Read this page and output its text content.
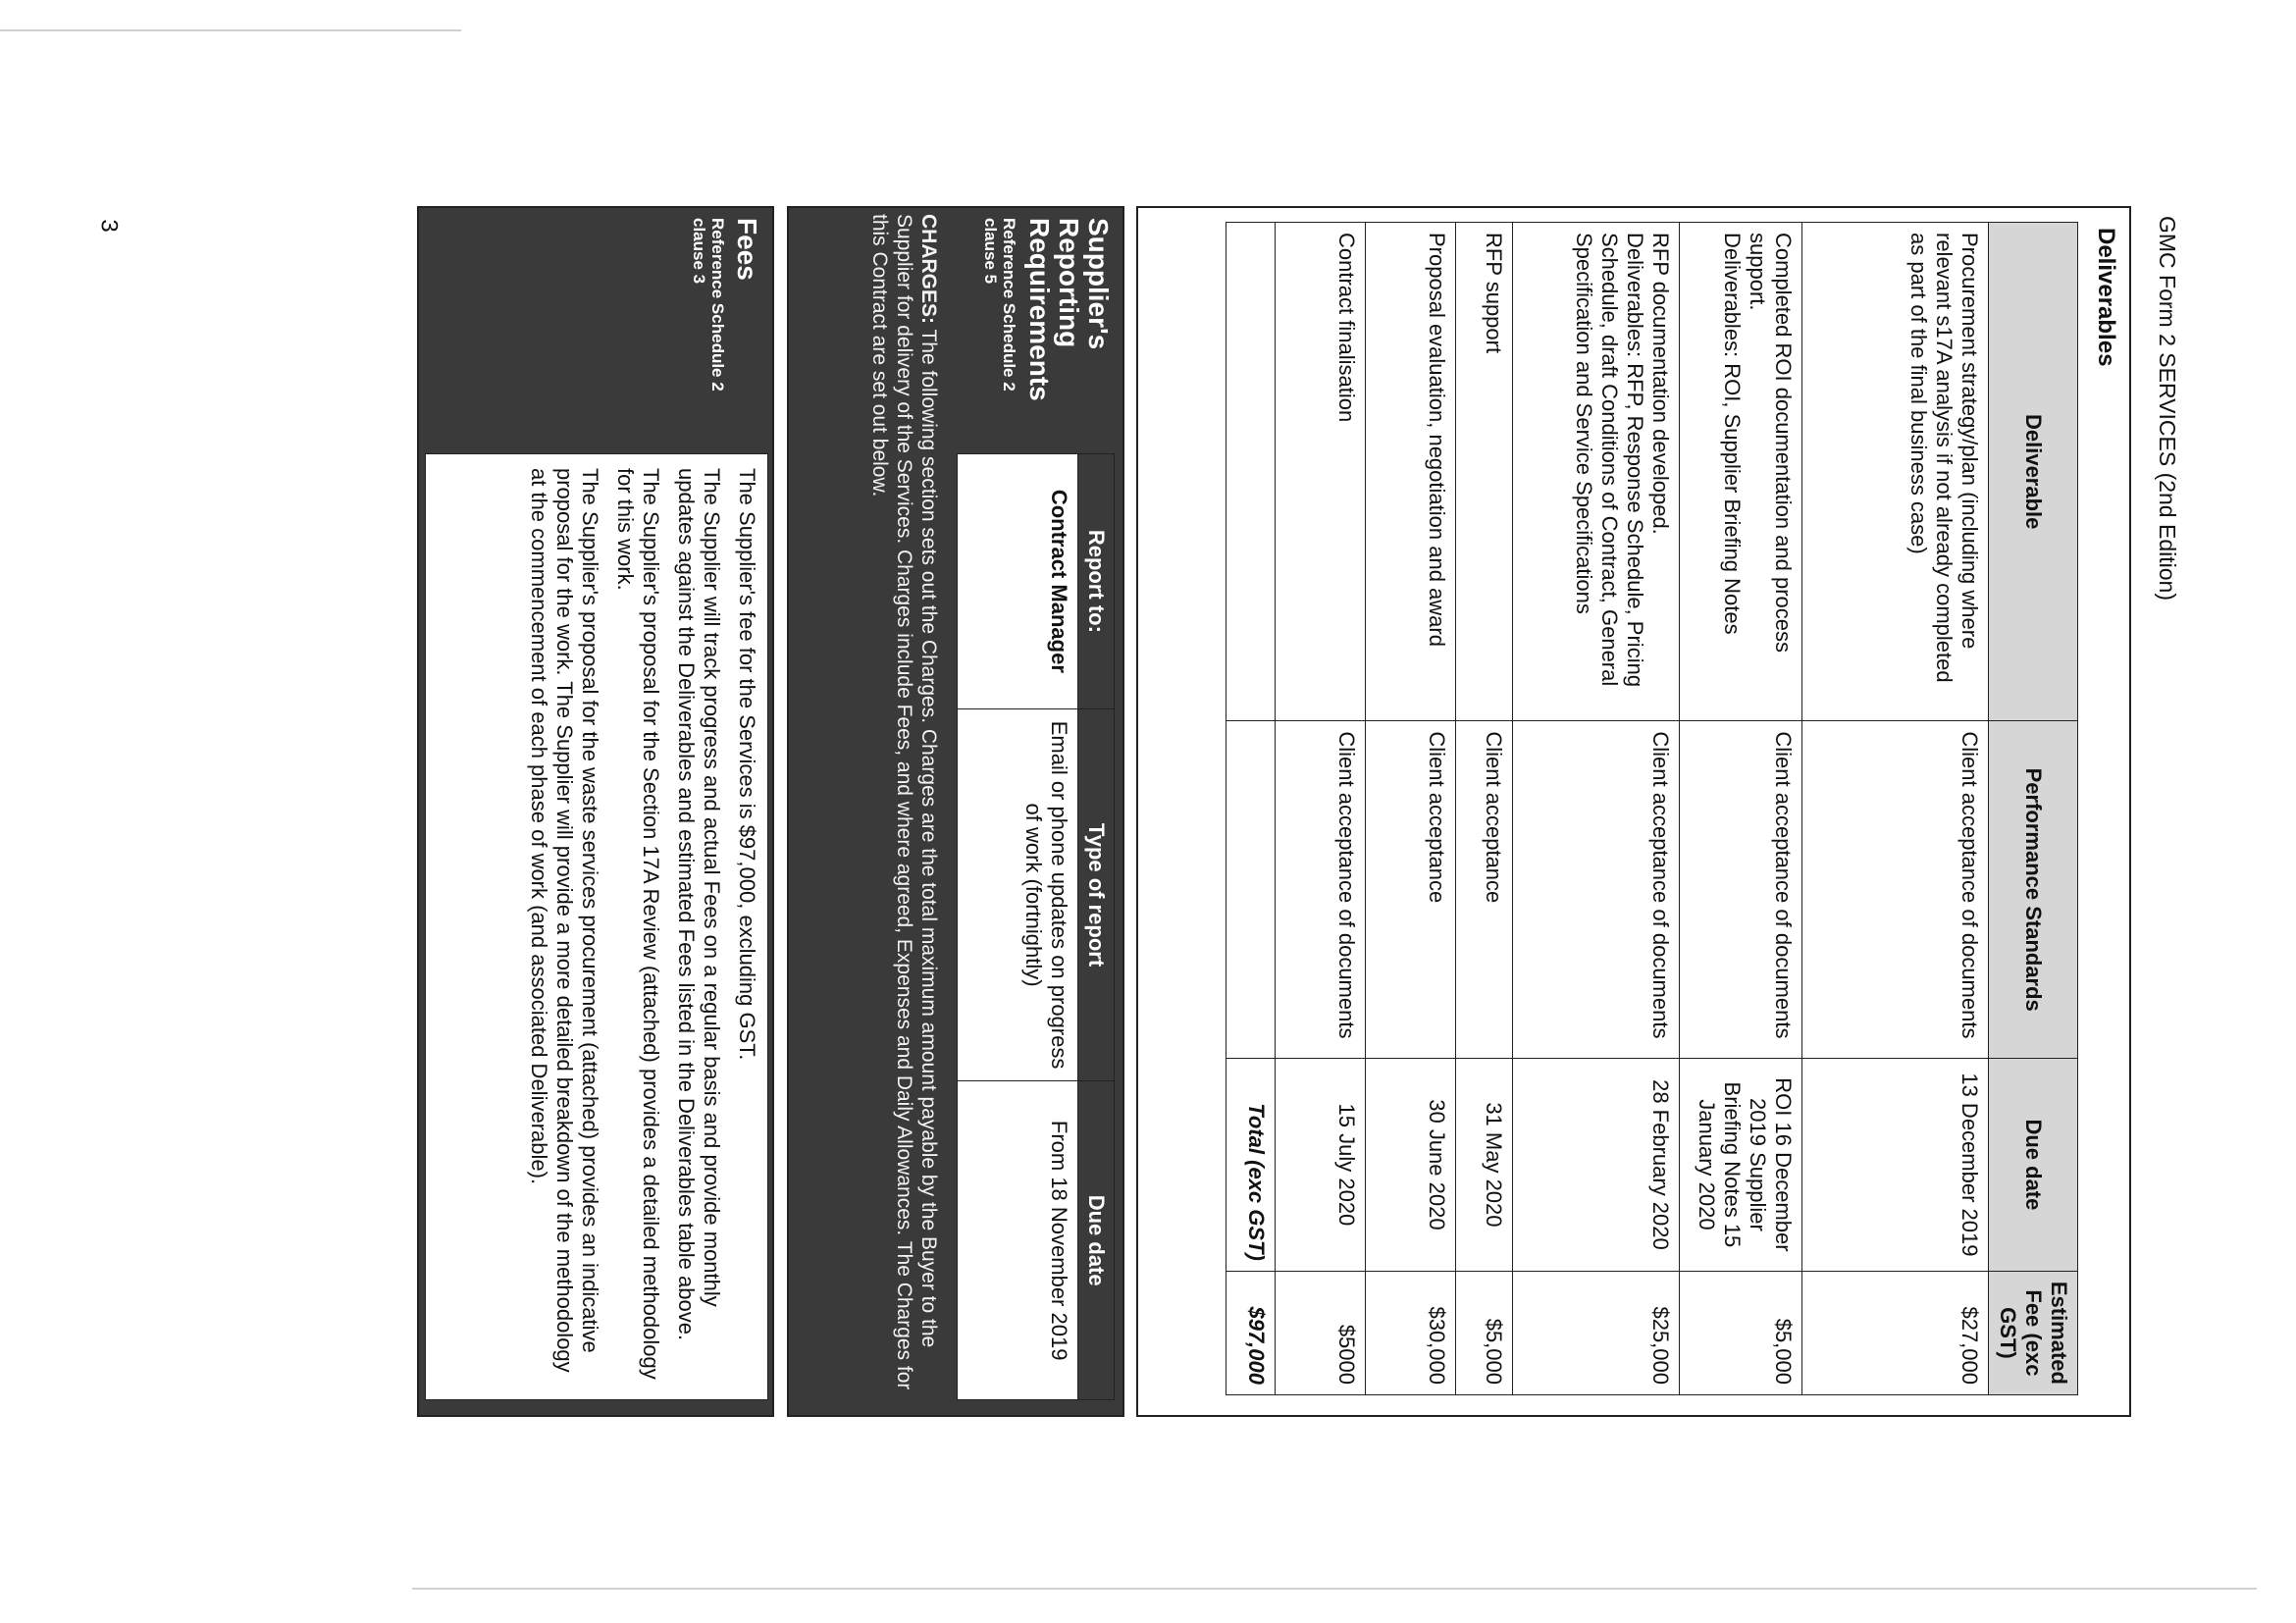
3	GMC Form 2 SERVICES (2nd Edition)
Deliverables
Deliverable	Performance Standards	Due date	Estimated Fee (exc GST)

Procurement strategy/plan (including where relevant s17A analysis if not already completed as part of the final business case)	Client acceptance of documents	13 December 2019	$27,000

Completed ROI documentation and process support.
Deliverables: ROI, Supplier Briefing Notes	Client acceptance of documents	ROI 16 December 2019 Supplier Briefing Notes 15 January 2020	$5,000

RFP documentation developed.
Deliverables: RFP, Response Schedule, Pricing Schedule, draft Conditions of Contract, General Specification and Service Specifications	Client acceptance of documents	28 February 2020	$25,000

RFP support	Client acceptance	31 May 2020	$5,000

Proposal evaluation, negotiation and award	Client acceptance	30 June 2020	$30,000

Contract finalisation	Client acceptance of documents	15 July 2020	$5000
		Total (exc GST)	$97,000
Supplier's Reporting Requirements
Reference Schedule 2 clause 5
Report to:	Type of report	Due date
Contract Manager	Email or phone updates on progress of work (fortnightly)	From 18 November 2019
CHARGES: The following section sets out the Charges. Charges are the total maximum amount payable by the Buyer to the Supplier for delivery of the Services. Charges include Fees, and where agreed, Expenses and Daily Allowances. The Charges for this Contract are set out below.
Fees
Reference Schedule 2 clause 3

The Supplier's fee for the Services is $97,000, excluding GST.

The Supplier will track progress and actual Fees on a regular basis and provide monthly updates against the Deliverables and estimated Fees listed in the Deliverables table above.

The Supplier's proposal for the Section 17A Review (attached) provides a detailed methodology for this work.

The Supplier's proposal for the waste services procurement (attached) provides an indicative proposal for the work. The Supplier will provide a more detailed breakdown of the methodology at the commencement of each phase of work (and associated Deliverable).
